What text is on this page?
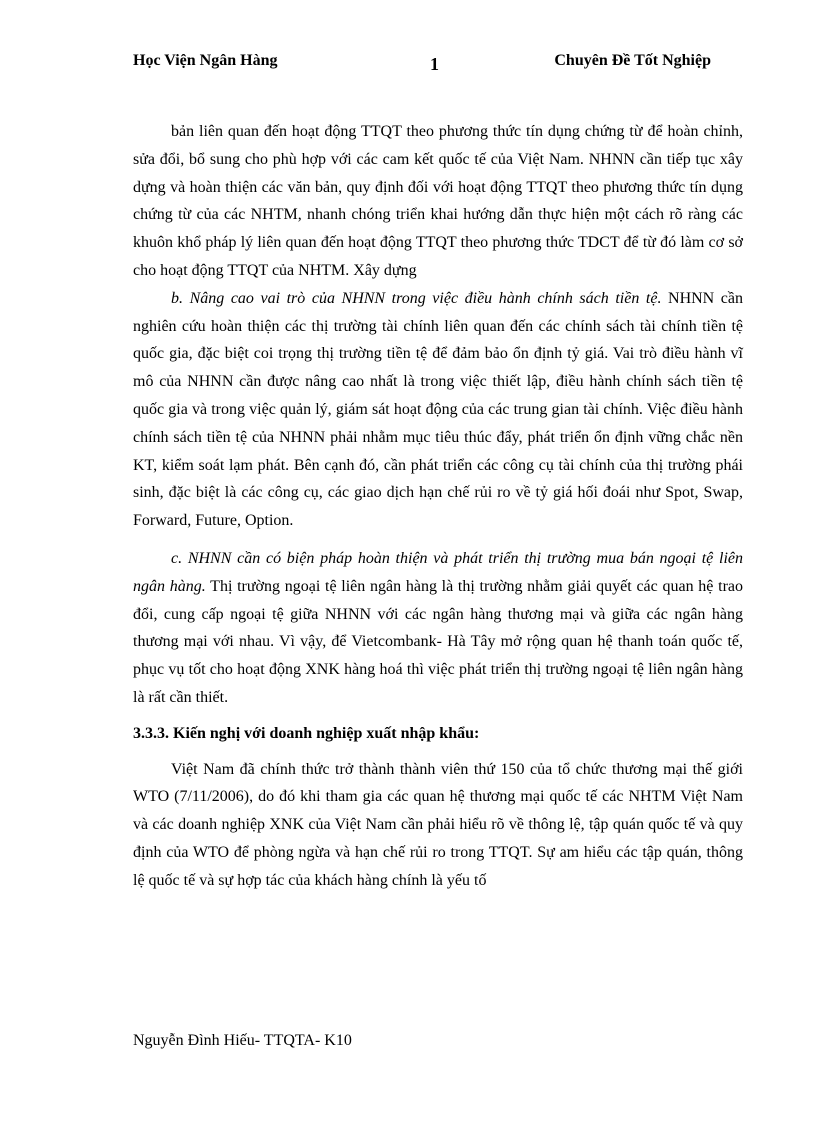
Học Viện Ngân Hàng	1	Chuyên Đề Tốt Nghiệp

bản liên quan đến hoạt động TTQT theo phương thức tín dụng chứng từ để hoàn chỉnh, sửa đổi, bổ sung cho phù hợp với các cam kết quốc tế của Việt Nam. NHNN cần tiếp tục xây dựng và hoàn thiện các văn bản, quy định đối với hoạt động TTQT theo phương thức tín dụng chứng từ của các NHTM, nhanh chóng triển khai hướng dẫn thực hiện một cách rõ ràng các khuôn khổ pháp lý liên quan đến hoạt động TTQT theo phương thức TDCT để từ đó làm cơ sở cho hoạt động TTQT của NHTM. Xây dựng

b. Nâng cao vai trò của NHNN trong việc điều hành chính sách tiền tệ. NHNN cần nghiên cứu hoàn thiện các thị trường tài chính liên quan đến các chính sách tài chính tiền tệ quốc gia, đặc biệt coi trọng thị trường tiền tệ để đảm bảo ổn định tỷ giá. Vai trò điều hành vĩ mô của NHNN cần được nâng cao nhất là trong việc thiết lập, điều hành chính sách tiền tệ quốc gia và trong việc quản lý, giám sát hoạt động của các trung gian tài chính. Việc điều hành chính sách tiền tệ của NHNN phải nhằm mục tiêu thúc đẩy, phát triển ổn định vững chắc nền KT, kiểm soát lạm phát. Bên cạnh đó, cần phát triển các công cụ tài chính của thị trường phái sinh, đặc biệt là các công cụ, các giao dịch hạn chế rủi ro về tỷ giá hối đoái như Spot, Swap, Forward, Future, Option.

c. NHNN cần có biện pháp hoàn thiện và phát triển thị trường mua bán ngoại tệ liên ngân hàng. Thị trường ngoại tệ liên ngân hàng là thị trường nhằm giải quyết các quan hệ trao đổi, cung cấp ngoại tệ giữa NHNN với các ngân hàng thương mại và giữa các ngân hàng thương mại với nhau. Vì vậy, để Vietcombank- Hà Tây mở rộng quan hệ thanh toán quốc tế, phục vụ tốt cho hoạt động XNK hàng hoá thì việc phát triển thị trường ngoại tệ liên ngân hàng là rất cần thiết.

3.3.3. Kiến nghị với doanh nghiệp xuất nhập khẩu:

Việt Nam đã chính thức trở thành thành viên thứ 150 của tổ chức thương mại thế giới WTO (7/11/2006), do đó khi tham gia các quan hệ thương mại quốc tế các NHTM Việt Nam và các doanh nghiệp XNK của Việt Nam cần phải hiểu rõ về thông lệ, tập quán quốc tế và quy định của WTO để phòng ngừa và hạn chế rủi ro trong TTQT. Sự am hiểu các tập quán, thông lệ quốc tế và sự hợp tác của khách hàng chính là yếu tố

Nguyễn Đình Hiếu- TTQTA- K10
